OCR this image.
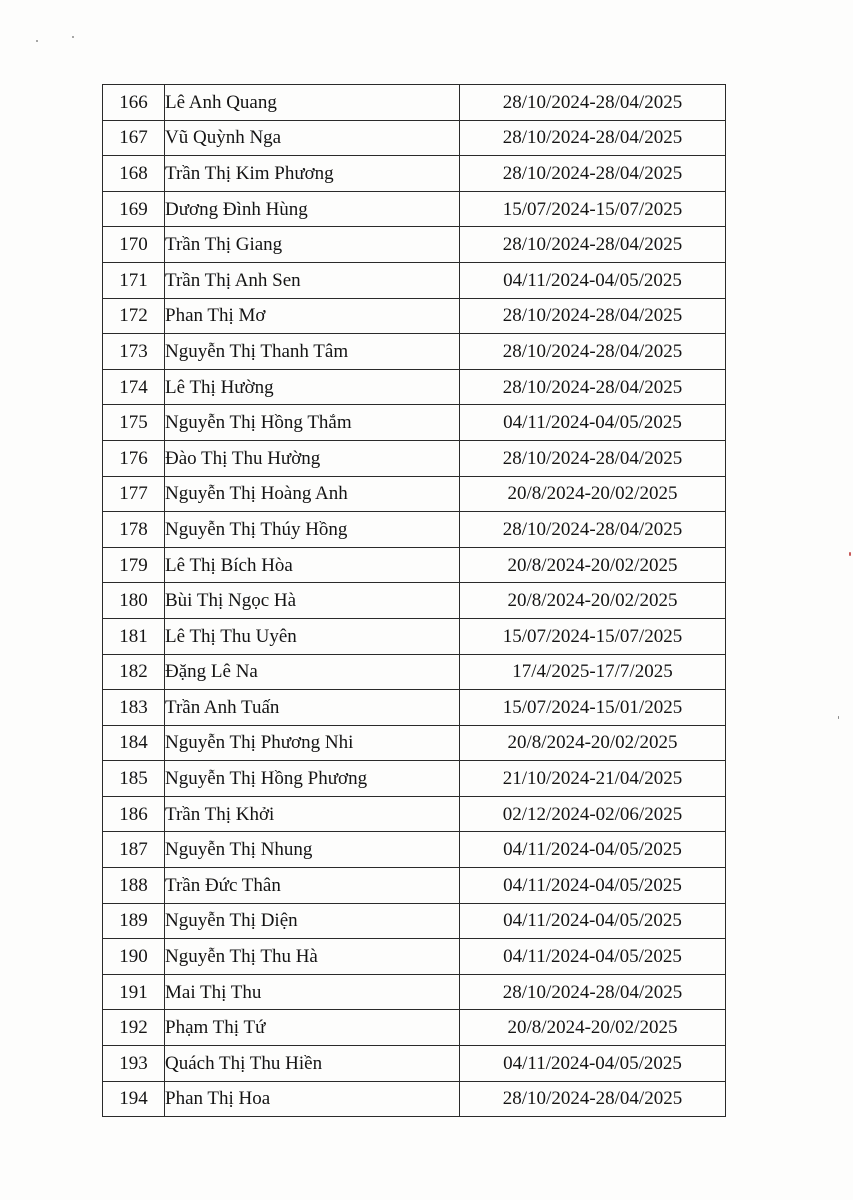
166	Lê Anh Quang	28/10/2024-28/04/2025
167	Vũ Quỳnh Nga	28/10/2024-28/04/2025
168	Trần Thị Kim Phương	28/10/2024-28/04/2025
169	Dương Đình Hùng	15/07/2024-15/07/2025
170	Trần Thị Giang	28/10/2024-28/04/2025
171	Trần Thị Anh Sen	04/11/2024-04/05/2025
172	Phan Thị Mơ	28/10/2024-28/04/2025
173	Nguyễn Thị Thanh Tâm	28/10/2024-28/04/2025
174	Lê Thị Hường	28/10/2024-28/04/2025
175	Nguyễn Thị Hồng Thắm	04/11/2024-04/05/2025
176	Đào Thị Thu Hường	28/10/2024-28/04/2025
177	Nguyễn Thị Hoàng Anh	20/8/2024-20/02/2025
178	Nguyễn Thị Thúy Hồng	28/10/2024-28/04/2025
179	Lê Thị Bích Hòa	20/8/2024-20/02/2025
180	Bùi Thị Ngọc Hà	20/8/2024-20/02/2025
181	Lê Thị Thu Uyên	15/07/2024-15/07/2025
182	Đặng Lê Na	17/4/2025-17/7/2025
183	Trần Anh Tuấn	15/07/2024-15/01/2025
184	Nguyễn Thị Phương Nhi	20/8/2024-20/02/2025
185	Nguyễn Thị Hồng Phương	21/10/2024-21/04/2025
186	Trần Thị Khởi	02/12/2024-02/06/2025
187	Nguyễn Thị Nhung	04/11/2024-04/05/2025
188	Trần Đức Thân	04/11/2024-04/05/2025
189	Nguyễn Thị Diện	04/11/2024-04/05/2025
190	Nguyễn Thị Thu Hà	04/11/2024-04/05/2025
191	Mai Thị Thu	28/10/2024-28/04/2025
192	Phạm Thị Tứ	20/8/2024-20/02/2025
193	Quách Thị Thu Hiền	04/11/2024-04/05/2025
194	Phan Thị Hoa	28/10/2024-28/04/2025
